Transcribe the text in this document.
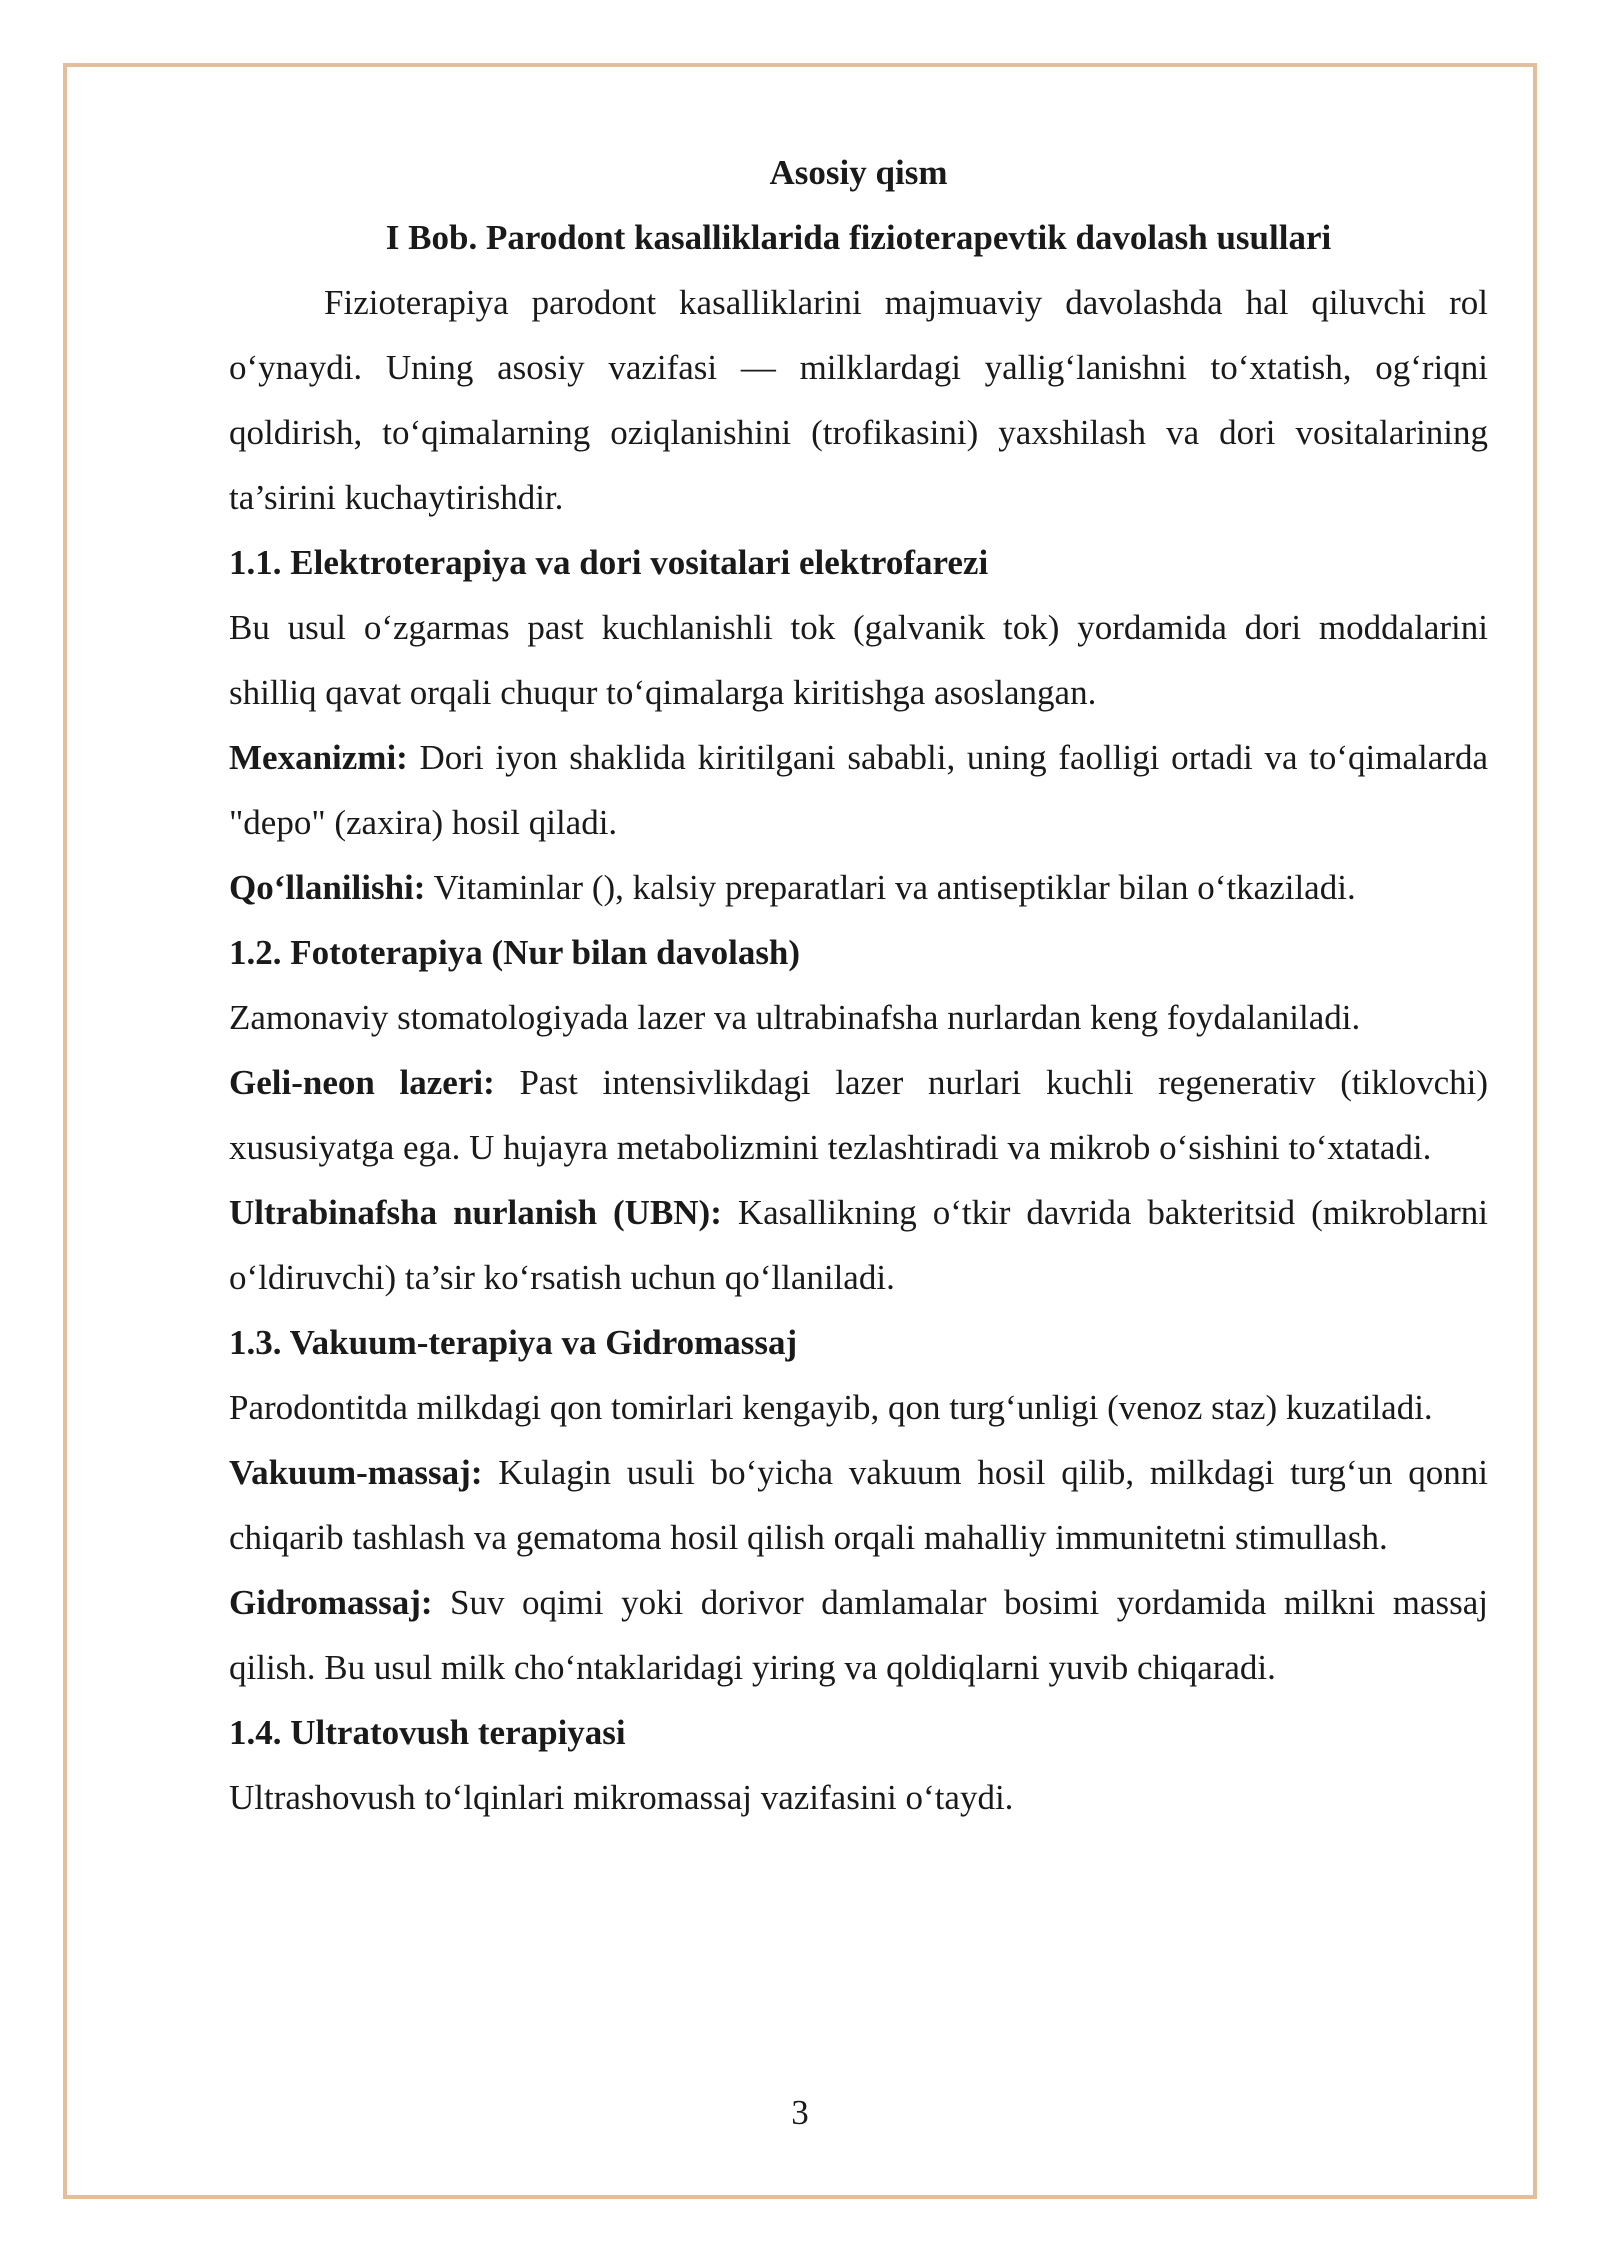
Asosiy qism

I Bob. Parodont kasalliklarida fizioterapevtik davolash usullari

Fizioterapiya parodont kasalliklarini majmuaviy davolashda hal qiluvchi rol o‘ynaydi. Uning asosiy vazifasi — milklardagi yallig‘lanishni to‘xtatish, og‘riqni qoldirish, to‘qimalarning oziqlanishini (trofikasini) yaxshilash va dori vositalarining ta’sirini kuchaytirishdir.

1.1. Elektroterapiya va dori vositalari elektrofarezi

Bu usul o‘zgarmas past kuchlanishli tok (galvanik tok) yordamida dori moddalarini shilliq qavat orqali chuqur to‘qimalarga kiritishga asoslangan.

Mexanizmi: Dori iyon shaklida kiritilgani sababli, uning faolligi ortadi va to‘qimalarda "depo" (zaxira) hosil qiladi.

Qo‘llanilishi: Vitaminlar (), kalsiy preparatlari va antiseptiklar bilan o‘tkaziladi.

1.2. Fototerapiya (Nur bilan davolash)

Zamonaviy stomatologiyada lazer va ultrabinafsha nurlardan keng foydalaniladi.

Geli-neon lazeri: Past intensivlikdagi lazer nurlari kuchli regenerativ (tiklovchi) xususiyatga ega. U hujayra metabolizmini tezlashtiradi va mikrob o‘sishini to‘xtatadi.

Ultrabinafsha nurlanish (UBN): Kasallikning o‘tkir davrida bakteritsid (mikroblarni o‘ldiruvchi) ta’sir ko‘rsatish uchun qo‘llaniladi.

1.3. Vakuum-terapiya va Gidromassaj

Parodontitda milkdagi qon tomirlari kengayib, qon turg‘unligi (venoz staz) kuzatiladi.

Vakuum-massaj: Kulagin usuli bo‘yicha vakuum hosil qilib, milkdagi turg‘un qonni chiqarib tashlash va gematoma hosil qilish orqali mahalliy immunitetni stimullash.

Gidromassaj: Suv oqimi yoki dorivor damlamalar bosimi yordamida milkni massaj qilish. Bu usul milk cho‘ntaklaridagi yiring va qoldiqlarni yuvib chiqaradi.

1.4. Ultratovush terapiyasi

Ultrashovush to‘lqinlari mikromassaj vazifasini o‘taydi.

3
